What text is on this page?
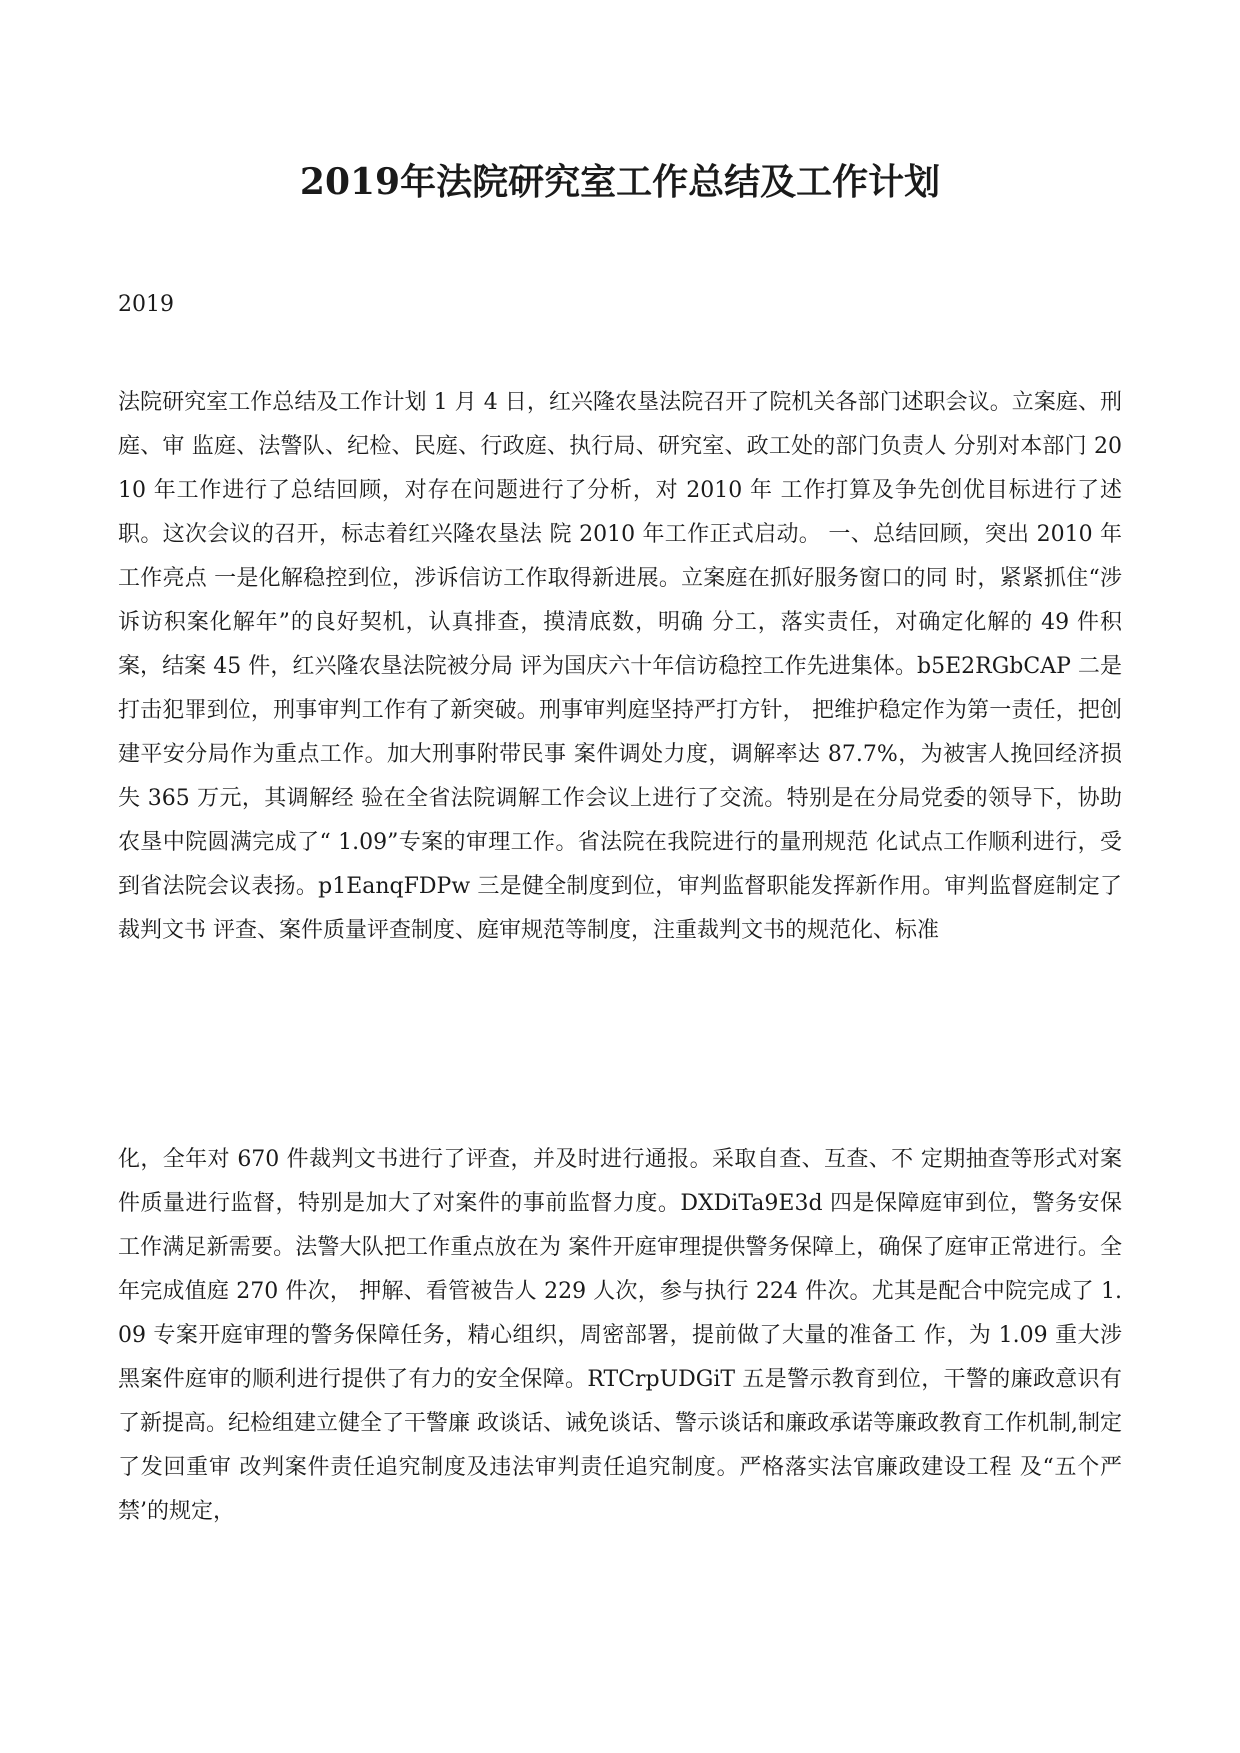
2019年法院研究室工作总结及工作计划

2019

法院研究室工作总结及工作计划 1 月 4 日，红兴隆农垦法院召开了院机关各部门述职会议。立案庭、刑庭、审 监庭、法警队、纪检、民庭、行政庭、执行局、研究室、政工处的部门负责人 分别对本部门 2010 年工作进行了总结回顾，对存在问题进行了分析，对 2010 年 工作打算及争先创优目标进行了述职。这次会议的召开，标志着红兴隆农垦法 院 2010 年工作正式启动。 一、总结回顾，突出 2010 年工作亮点 一是化解稳控到位，涉诉信访工作取得新进展。立案庭在抓好服务窗口的同 时，紧紧抓住“涉诉访积案化解年”的良好契机，认真排查，摸清底数，明确 分工，落实责任，对确定化解的 49 件积案，结案 45 件，红兴隆农垦法院被分局 评为国庆六十年信访稳控工作先进集体。b5E2RGbCAP 二是打击犯罪到位，刑事审判工作有了新突破。刑事审判庭坚持严打方针， 把维护稳定作为第一责任，把创建平安分局作为重点工作。加大刑事附带民事 案件调处力度，调解率达 87.7%，为被害人挽回经济损失 365 万元，其调解经 验在全省法院调解工作会议上进行了交流。特别是在分局党委的领导下，协助 农垦中院圆满完成了“ 1.09”专案的审理工作。省法院在我院进行的量刑规范 化试点工作顺利进行，受到省法院会议表扬。p1EanqFDPw 三是健全制度到位，审判监督职能发挥新作用。审判监督庭制定了裁判文书 评查、案件质量评查制度、庭审规范等制度，注重裁判文书的规范化、标准

化，全年对 670 件裁判文书进行了评查，并及时进行通报。采取自查、互查、不 定期抽查等形式对案件质量进行监督，特别是加大了对案件的事前监督力度。DXDiTa9E3d 四是保障庭审到位，警务安保工作满足新需要。法警大队把工作重点放在为 案件开庭审理提供警务保障上，确保了庭审正常进行。全年完成值庭 270 件次， 押解、看管被告人 229 人次，参与执行 224 件次。尤其是配合中院完成了 1.09 专案开庭审理的警务保障任务，精心组织，周密部署，提前做了大量的准备工 作，为 1.09 重大涉黑案件庭审的顺利进行提供了有力的安全保障。RTCrpUDGiT 五是警示教育到位，干警的廉政意识有了新提高。纪检组建立健全了干警廉 政谈话、诫免谈话、警示谈话和廉政承诺等廉政教育工作机制,制定了发回重审 改判案件责任追究制度及违法审判责任追究制度。严格落实法官廉政建设工程 及“五个严禁’的规定，
